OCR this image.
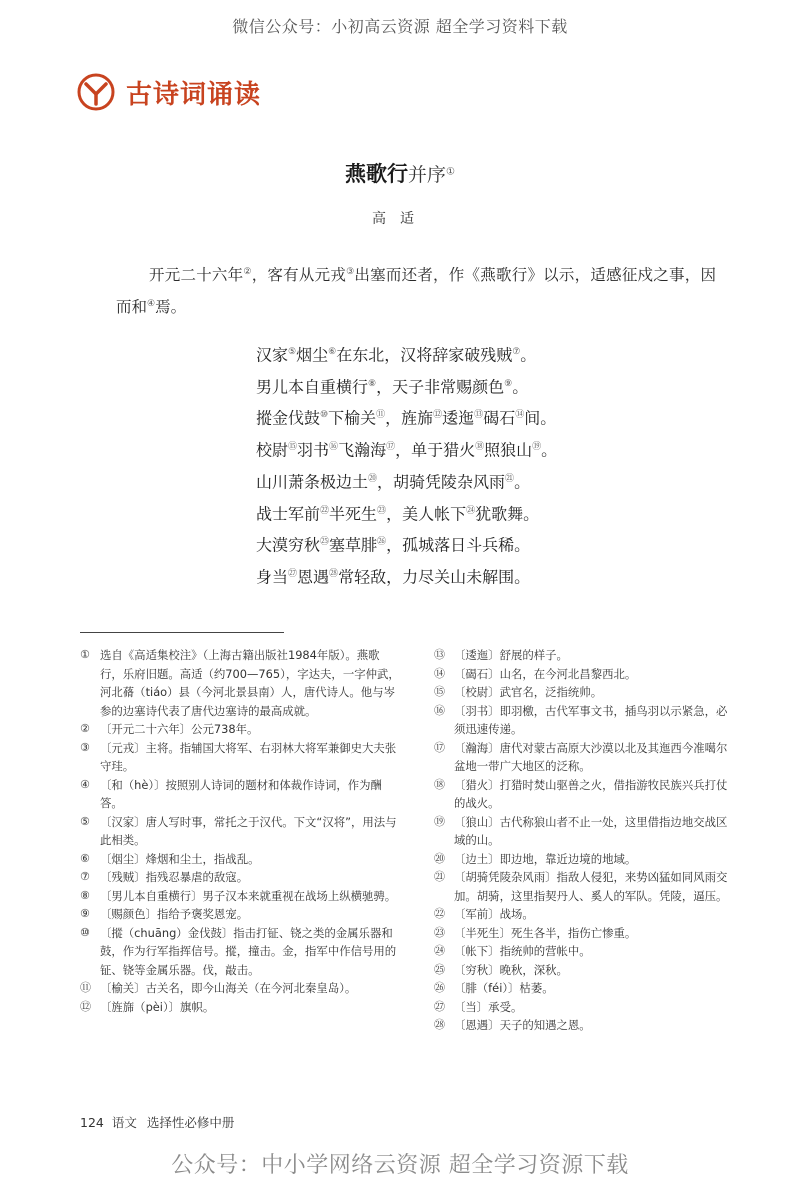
微信公众号：小初高云资源 超全学习资料下载
古诗词诵读
燕歌行并序①
高适
开元二十六年②，客有从元戎③出塞而还者，作《燕歌行》以示，适感征戍之事，因而和④焉。
汉家⑤烟尘⑥在东北，汉将辞家破残贼⑦。
男儿本自重横行⑧，天子非常赐颜色⑨。
摐金伐鼓⑩下榆关⑪，旌旆⑫逶迤⑬碣石⑭间。
校尉⑮羽书⑯飞瀚海⑰，单于猎火⑱照狼山⑲。
山川萧条极边土⑳，胡骑凭陵杂风雨$^㉑$。
战士军前$^㉒$半死生$^㉓$，美人帐下$^㉔$犹歌舞。
大漠穷秋$^㉕$塞草腓$^㉖$，孤城落日斗兵稀。
身当$^㉗$恩遇$^㉘$常轻敌，力尽关山未解围。
① 选自《高适集校注》（上海古籍出版社1984年版）。燕歌行，乐府旧题。高适（约700—765），字达夫，一字仲武，河北蓨（tiáo）县（今河北景县南）人，唐代诗人。他与岑参的边塞诗代表了唐代边塞诗的最高成就。
② 〔开元二十六年〕公元738年。
③ 〔元戎〕主将。指辅国大将军、右羽林大将军兼御史大夫张守珪。
④ 〔和（hè）〕按照别人诗词的题材和体裁作诗词，作为酬答。
⑤ 〔汉家〕唐人写时事，常托之于汉代。下文“汉将”，用法与此相类。
⑥ 〔烟尘〕烽烟和尘土，指战乱。
⑦ 〔残贼〕指残忍暴虐的敌寇。
⑧ 〔男儿本自重横行〕男子汉本来就重视在战场上纵横驰骋。
⑨ 〔赐颜色〕指给予褒奖恩宠。
⑩ 〔摐（chuāng）金伐鼓〕指击打钲、铙之类的金属乐器和鼓，作为行军指挥信号。摐，撞击。金，指军中作信号用的钲、铙等金属乐器。伐，敲击。
⑪ 〔榆关〕古关名，即今山海关（在今河北秦皇岛）。
⑫ 〔旌旆（pèi）〕旗帜。
⑬ 〔逶迤〕舒展的样子。
⑭ 〔碣石〕山名，在今河北昌黎西北。
⑮ 〔校尉〕武官名，泛指统帅。
⑯ 〔羽书〕即羽檄，古代军事文书，插鸟羽以示紧急，必须迅速传递。
⑰ 〔瀚海〕唐代对蒙古高原大沙漠以北及其迤西今准噶尔盆地一带广大地区的泛称。
⑱ 〔猎火〕打猎时焚山驱兽之火，借指游牧民族兴兵打仗的战火。
⑲ 〔狼山〕古代称狼山者不止一处，这里借指边地交战区域的山。
⑳ 〔边土〕即边地，靠近边境的地域。
㉑ 〔胡骑凭陵杂风雨〕指敌人侵犯，来势凶猛如同风雨交加。胡骑，这里指契丹人、奚人的军队。凭陵，逼压。
㉒ 〔军前〕战场。
㉓ 〔半死生〕死生各半，指伤亡惨重。
㉔ 〔帐下〕指统帅的营帐中。
㉕ 〔穷秋〕晚秋，深秋。
㉖ 〔腓（féi）〕枯萎。
㉗ 〔当〕承受。
㉘ 〔恩遇〕天子的知遇之恩。
124 语文 选择性必修中册
公众号：中小学网络云资源 超全学习资源下载
